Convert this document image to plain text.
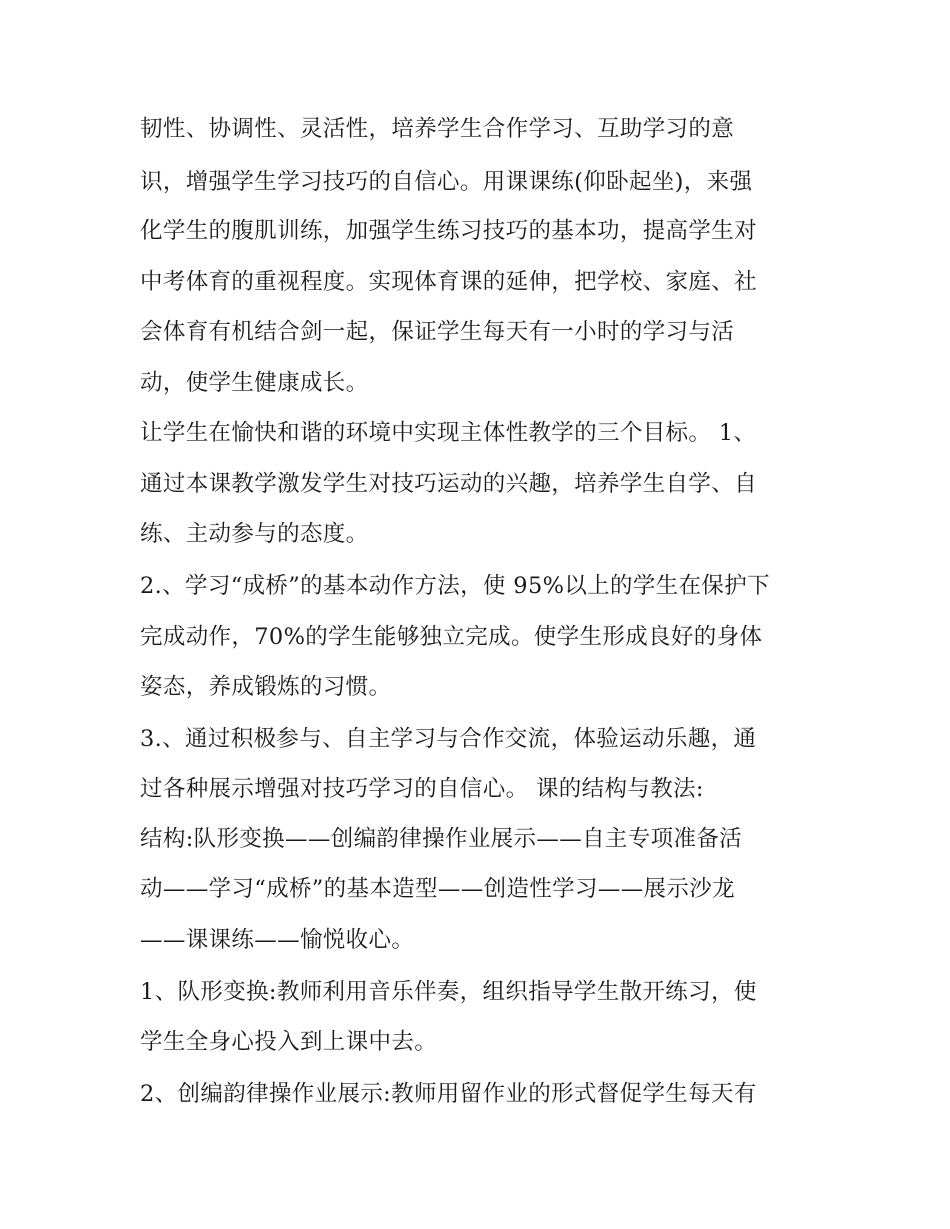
韧性、协调性、灵活性，培养学生合作学习、互助学习的意
识，增强学生学习技巧的自信心。用课课练(仰卧起坐)，来强
化学生的腹肌训练，加强学生练习技巧的基本功，提高学生对
中考体育的重视程度。实现体育课的延伸，把学校、家庭、社
会体育有机结合剑一起，保证学生每天有一小时的学习与活
动，使学生健康成长。
让学生在愉快和谐的环境中实现主体性教学的三个目标。 1、
通过本课教学激发学生对技巧运动的兴趣，培养学生自学、自
练、主动参与的态度。
2.、学习“成桥”的基本动作方法，使 95%以上的学生在保护下
完成动作，70%的学生能够独立完成。使学生形成良好的身体
姿态，养成锻炼的习惯。
3.、通过积极参与、自主学习与合作交流，体验运动乐趣，通
过各种展示增强对技巧学习的自信心。 课的结构与教法:
结构:队形变换——创编韵律操作业展示——自主专项准备活
动——学习“成桥”的基本造型——创造性学习——展示沙龙
——课课练——愉悦收心。
1、队形变换:教师利用音乐伴奏，组织指导学生散开练习，使
学生全身心投入到上课中去。
2、创编韵律操作业展示:教师用留作业的形式督促学生每天有
